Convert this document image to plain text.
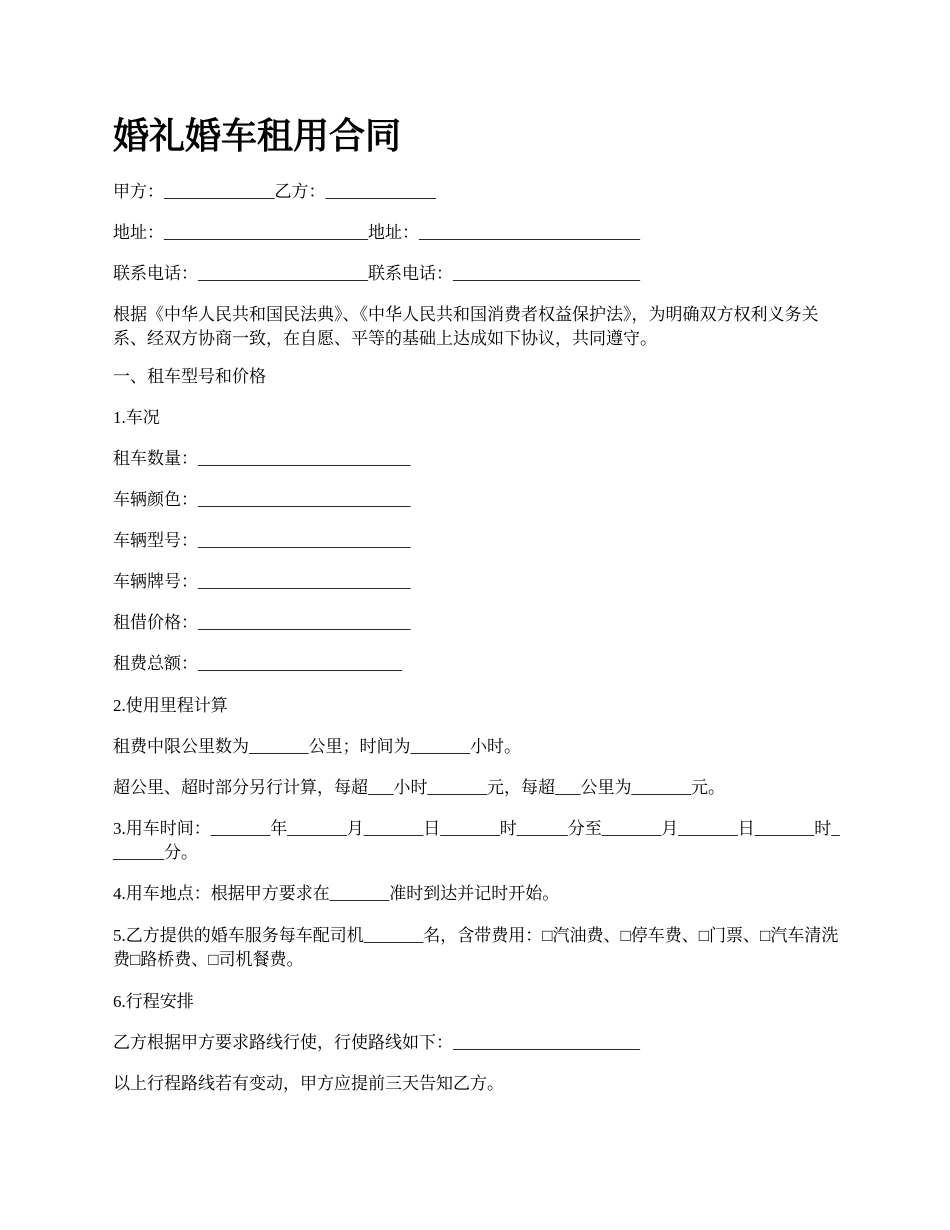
婚礼婚车租用合同
甲方：_____________乙方：_____________
地址：________________________地址：__________________________
联系电话：____________________联系电话：______________________
根据《中华人民共和国民法典》、《中华人民共和国消费者权益保护法》，为明确双方权利义务关系、经双方协商一致，在自愿、平等的基础上达成如下协议，共同遵守。
一、租车型号和价格
1.车况
租车数量：_________________________
车辆颜色：_________________________
车辆型号：_________________________
车辆牌号：_________________________
租借价格：_________________________
租费总额：________________________
2.使用里程计算
租费中限公里数为_______公里；时间为_______小时。
超公里、超时部分另行计算，每超___小时_______元，每超___公里为_______元。
3.用车时间：_______年_______月_______日_______时______分至_______月_______日_______时_______分。
4.用车地点：根据甲方要求在_______准时到达并记时开始。
5.乙方提供的婚车服务每车配司机_______名，含带费用：□汽油费、□停车费、□门票、□汽车清洗费□路桥费、□司机餐费。
6.行程安排
乙方根据甲方要求路线行使，行使路线如下：______________________
以上行程路线若有变动，甲方应提前三天告知乙方。
